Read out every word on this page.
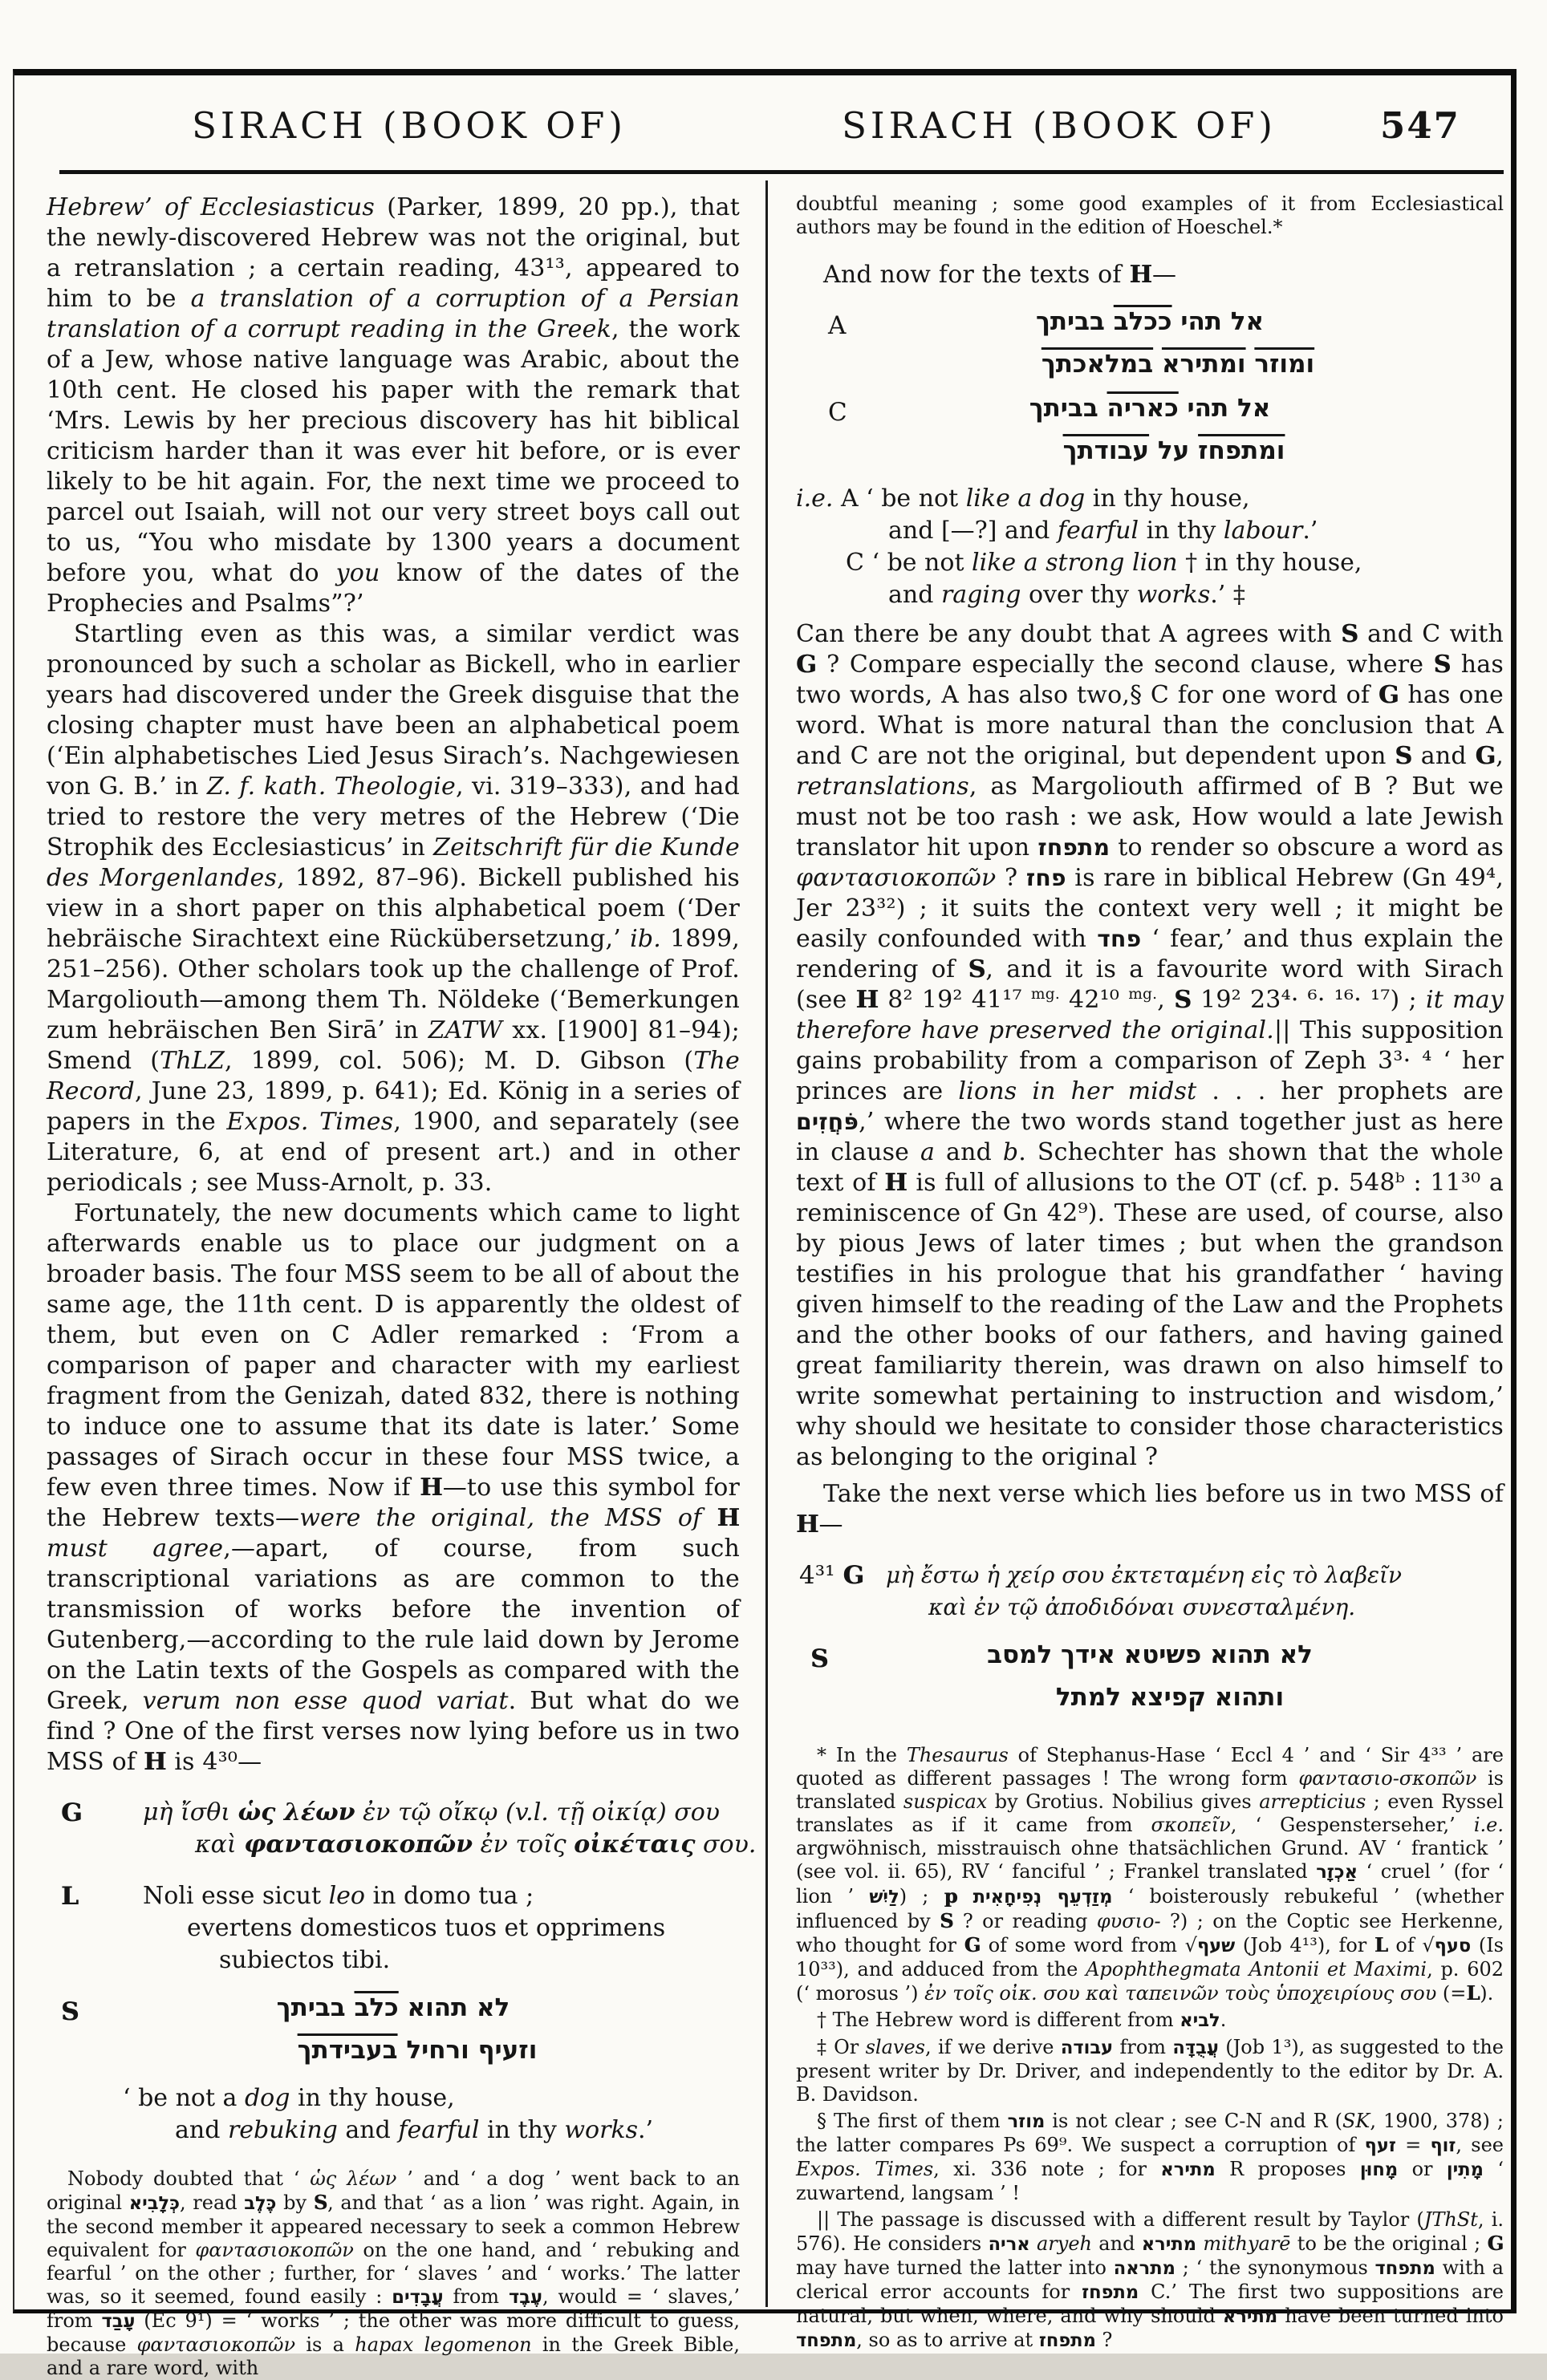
SIRACH (BOOK OF)	SIRACH (BOOK OF)	547

Hebrew’ of Ecclesiasticus (Parker, 1899, 20 pp.), that the newly-discovered Hebrew was not the original, but a retranslation ; a certain reading, 43¹³, appeared to him to be a translation of a corruption of a Persian translation of a corrupt reading in the Greek, the work of a Jew, whose native language was Arabic, about the 10th cent. He closed his paper with the remark that ‘Mrs. Lewis by her precious discovery has hit biblical criticism harder than it was ever hit before, or is ever likely to be hit again. For, the next time we proceed to parcel out Isaiah, will not our very street boys call out to us, “You who misdate by 1300 years a document before you, what do you know of the dates of the Prophecies and Psalms”?’

Startling even as this was, a similar verdict was pronounced by such a scholar as Bickell, who in earlier years had discovered under the Greek disguise that the closing chapter must have been an alphabetical poem (‘Ein alphabetisches Lied Jesus Sirach’s. Nachgewiesen von G. B.’ in Z. f. kath. Theologie, vi. 319–333), and had tried to restore the very metres of the Hebrew (‘Die Strophik des Ecclesiasticus’ in Zeitschrift für die Kunde des Morgenlandes, 1892, 87–96). Bickell published his view in a short paper on this alphabetical poem (‘Der hebräische Sirachtext eine Rückübersetzung,’ ib. 1899, 251–256). Other scholars took up the challenge of Prof. Margoliouth—among them Th. Nöldeke (‘Bemerkungen zum hebräischen Ben Sirā’ in ZATW xx. [1900] 81–94); Smend (ThLZ, 1899, col. 506); M. D. Gibson (The Record, June 23, 1899, p. 641); Ed. König in a series of papers in the Expos. Times, 1900, and separately (see Literature, 6, at end of present art.) and in other periodicals ; see Muss-Arnolt, p. 33.

Fortunately, the new documents which came to light afterwards enable us to place our judgment on a broader basis. The four MSS seem to be all of about the same age, the 11th cent. D is apparently the oldest of them, but even on C Adler remarked : ‘From a comparison of paper and character with my earliest fragment from the Genizah, dated 832, there is nothing to induce one to assume that its date is later.’ Some passages of Sirach occur in these four MSS twice, a few even three times. Now if H—to use this symbol for the Hebrew texts—were the original, the MSS of H must agree,—apart, of course, from such transcriptional variations as are common to the transmission of works before the invention of Gutenberg,—according to the rule laid down by Jerome on the Latin texts of the Gospels as compared with the Greek, verum non esse quod variat. But what do we find ? One of the first verses now lying before us in two MSS of H is 4³⁰—

G	μὴ ἴσθι ὡς λέων ἐν τῷ οἴκῳ (v.l. τῇ οἰκίᾳ) σου
καὶ φαντασιοκοπῶν ἐν τοῖς οἰκέταις σου.
L	Noli esse sicut leo in domo tua ;
evertens domesticos tuos et opprimens
subiectos tibi.
S	לא תהוא כלב בביתך
וזעיף ורחיל בעבידתך
‘ be not a dog in thy house,
and rebuking and fearful in thy works.’

Nobody doubted that ‘ ὡς λέων ’ and ‘ a dog ’ went back to an original כְּלָבִיא, read כֶּלֶב by S, and that ‘ as a lion ’ was right. Again, in the second member it appeared necessary to seek a common Hebrew equivalent for φαντασιοκοπῶν on the one hand, and ‘ rebuking and fearful ’ on the other ; further, for ‘ slaves ’ and ‘ works.’ The latter was, so it seemed, found easily : עֲבָדִים from עֶבֶד, would = ‘ slaves,’ from עָבַד (Ec 9¹) = ‘ works ’ ; the other was more difficult to guess, because φαντασιοκοπῶν is a hapax legomenon in the Greek Bible, and a rare word, with

doubtful meaning ; some good examples of it from Ecclesiastical authors may be found in the edition of Hoeschel.*

And now for the texts of H—

A	אל תהי ככלב בביתך
ומוזר ומתירא במלאכתך
C	אל תהי כאריה בביתך
ומתפחז על עבודתך
i.e. A ‘ be not like a dog in thy house,
and [—?] and fearful in thy labour.’
C ‘ be not like a strong lion † in thy house,
and raging over thy works.’ ‡

Can there be any doubt that A agrees with S and C with G ? Compare especially the second clause, where S has two words, A has also two,§ C for one word of G has one word. What is more natural than the conclusion that A and C are not the original, but dependent upon S and G, retranslations, as Margoliouth affirmed of B ? But we must not be too rash : we ask, How would a late Jewish translator hit upon מתפחז to render so obscure a word as φαντασιοκοπῶν ? פחז is rare in biblical Hebrew (Gn 49⁴, Jer 23³²) ; it suits the context very well ; it might be easily confounded with פחד ‘ fear,’ and thus explain the rendering of S, and it is a favourite word with Sirach (see H 8² 19² 41¹⁷ $^{mg.}$ 42¹⁰ $^{mg.}$, S 19² 23⁴· ⁶· ¹⁶· ¹⁷) ; it may therefore have preserved the original.|| This supposition gains probability from a comparison of Zeph 3³· ⁴ ‘ her princes are lions in her midst . . . her prophets are פֹּחֲזִים,’ where the two words stand together just as here in clause a and b. Schechter has shown that the whole text of H is full of allusions to the OT (cf. p. 548ᵇ : 11³⁰ a reminiscence of Gn 42⁹). These are used, of course, also by pious Jews of later times ; but when the grandson testifies in his prologue that his grandfather ‘ having given himself to the reading of the Law and the Prophets and the other books of our fathers, and having gained great familiarity therein, was drawn on also himself to write somewhat pertaining to instruction and wisdom,’ why should we hesitate to consider those characteristics as belonging to the original ?

Take the next verse which lies before us in two MSS of H—

4³¹ G μὴ ἔστω ἡ χείρ σου ἐκτεταμένη εἰς τὸ λαβεῖν
καὶ ἐν τῷ ἀποδιδόναι συνεσταλμένη.
S	לא תהוא פשיטא אידך למסב
ותהוא קפיצא למתל

* In the Thesaurus of Stephanus-Hase ‘ Eccl 4 ’ and ‘ Sir 4³³ ’ are quoted as different passages ! The wrong form φαντασιο-σκοπῶν is translated suspicax by Grotius. Nobilius gives arrepticius ; even Ryssel translates as if it came from σκοπεῖν, ‘ Gespensterseher,’ i.e. argwöhnisch, misstrauisch ohne thatsächlichen Grund. AV ‘ frantick ’ (see vol. ii. 65), RV ‘ fanciful ’ ; Frankel translated אַכְזָר ‘ cruel ’ (for ‘ lion ’ לַיִשׁ) ; p מְזַדְעֵף נְפִיחָאִית ‘ boisterously rebukeful ’ (whether influenced by S ? or reading φυσιο- ?) ; on the Coptic see Herkenne, who thought for G of some word from √שעף (Job 4¹³), for L of √סעף (Is 10³³), and adduced from the Apophthegmata Antonii et Maximi, p. 602 (‘ morosus ’) ἐν τοῖς οἰκ. σου καὶ ταπεινῶν τοὺς ὑποχειρίους σου (=L).

† The Hebrew word is different from לביא.

‡ Or slaves, if we derive עבודה from עֲבֻדָּה (Job 1³), as suggested to the present writer by Dr. Driver, and independently to the editor by Dr. A. B. Davidson.

§ The first of them מוזר is not clear ; see C-N and R (SK, 1900, 378) ; the latter compares Ps 69⁹. We suspect a corruption of	זוף = זעף	, see Expos. Times, xi. 336 note ; for מתירא R proposes מָחוּן or מָתִין ‘ zuwartend, langsam ’ !

|| The passage is discussed with a different result by Taylor (JThSt, i. 576). He considers אריה aryeh and מתירא mithyarē to be the original ; G may have turned the latter into מתראה ; ‘ the synonymous מתפחד with a clerical error accounts for מתפחז C.’ The first two suppositions are natural, but when, where, and why should מתירא have been turned into מתפחד, so as to arrive at מתפחז ?
